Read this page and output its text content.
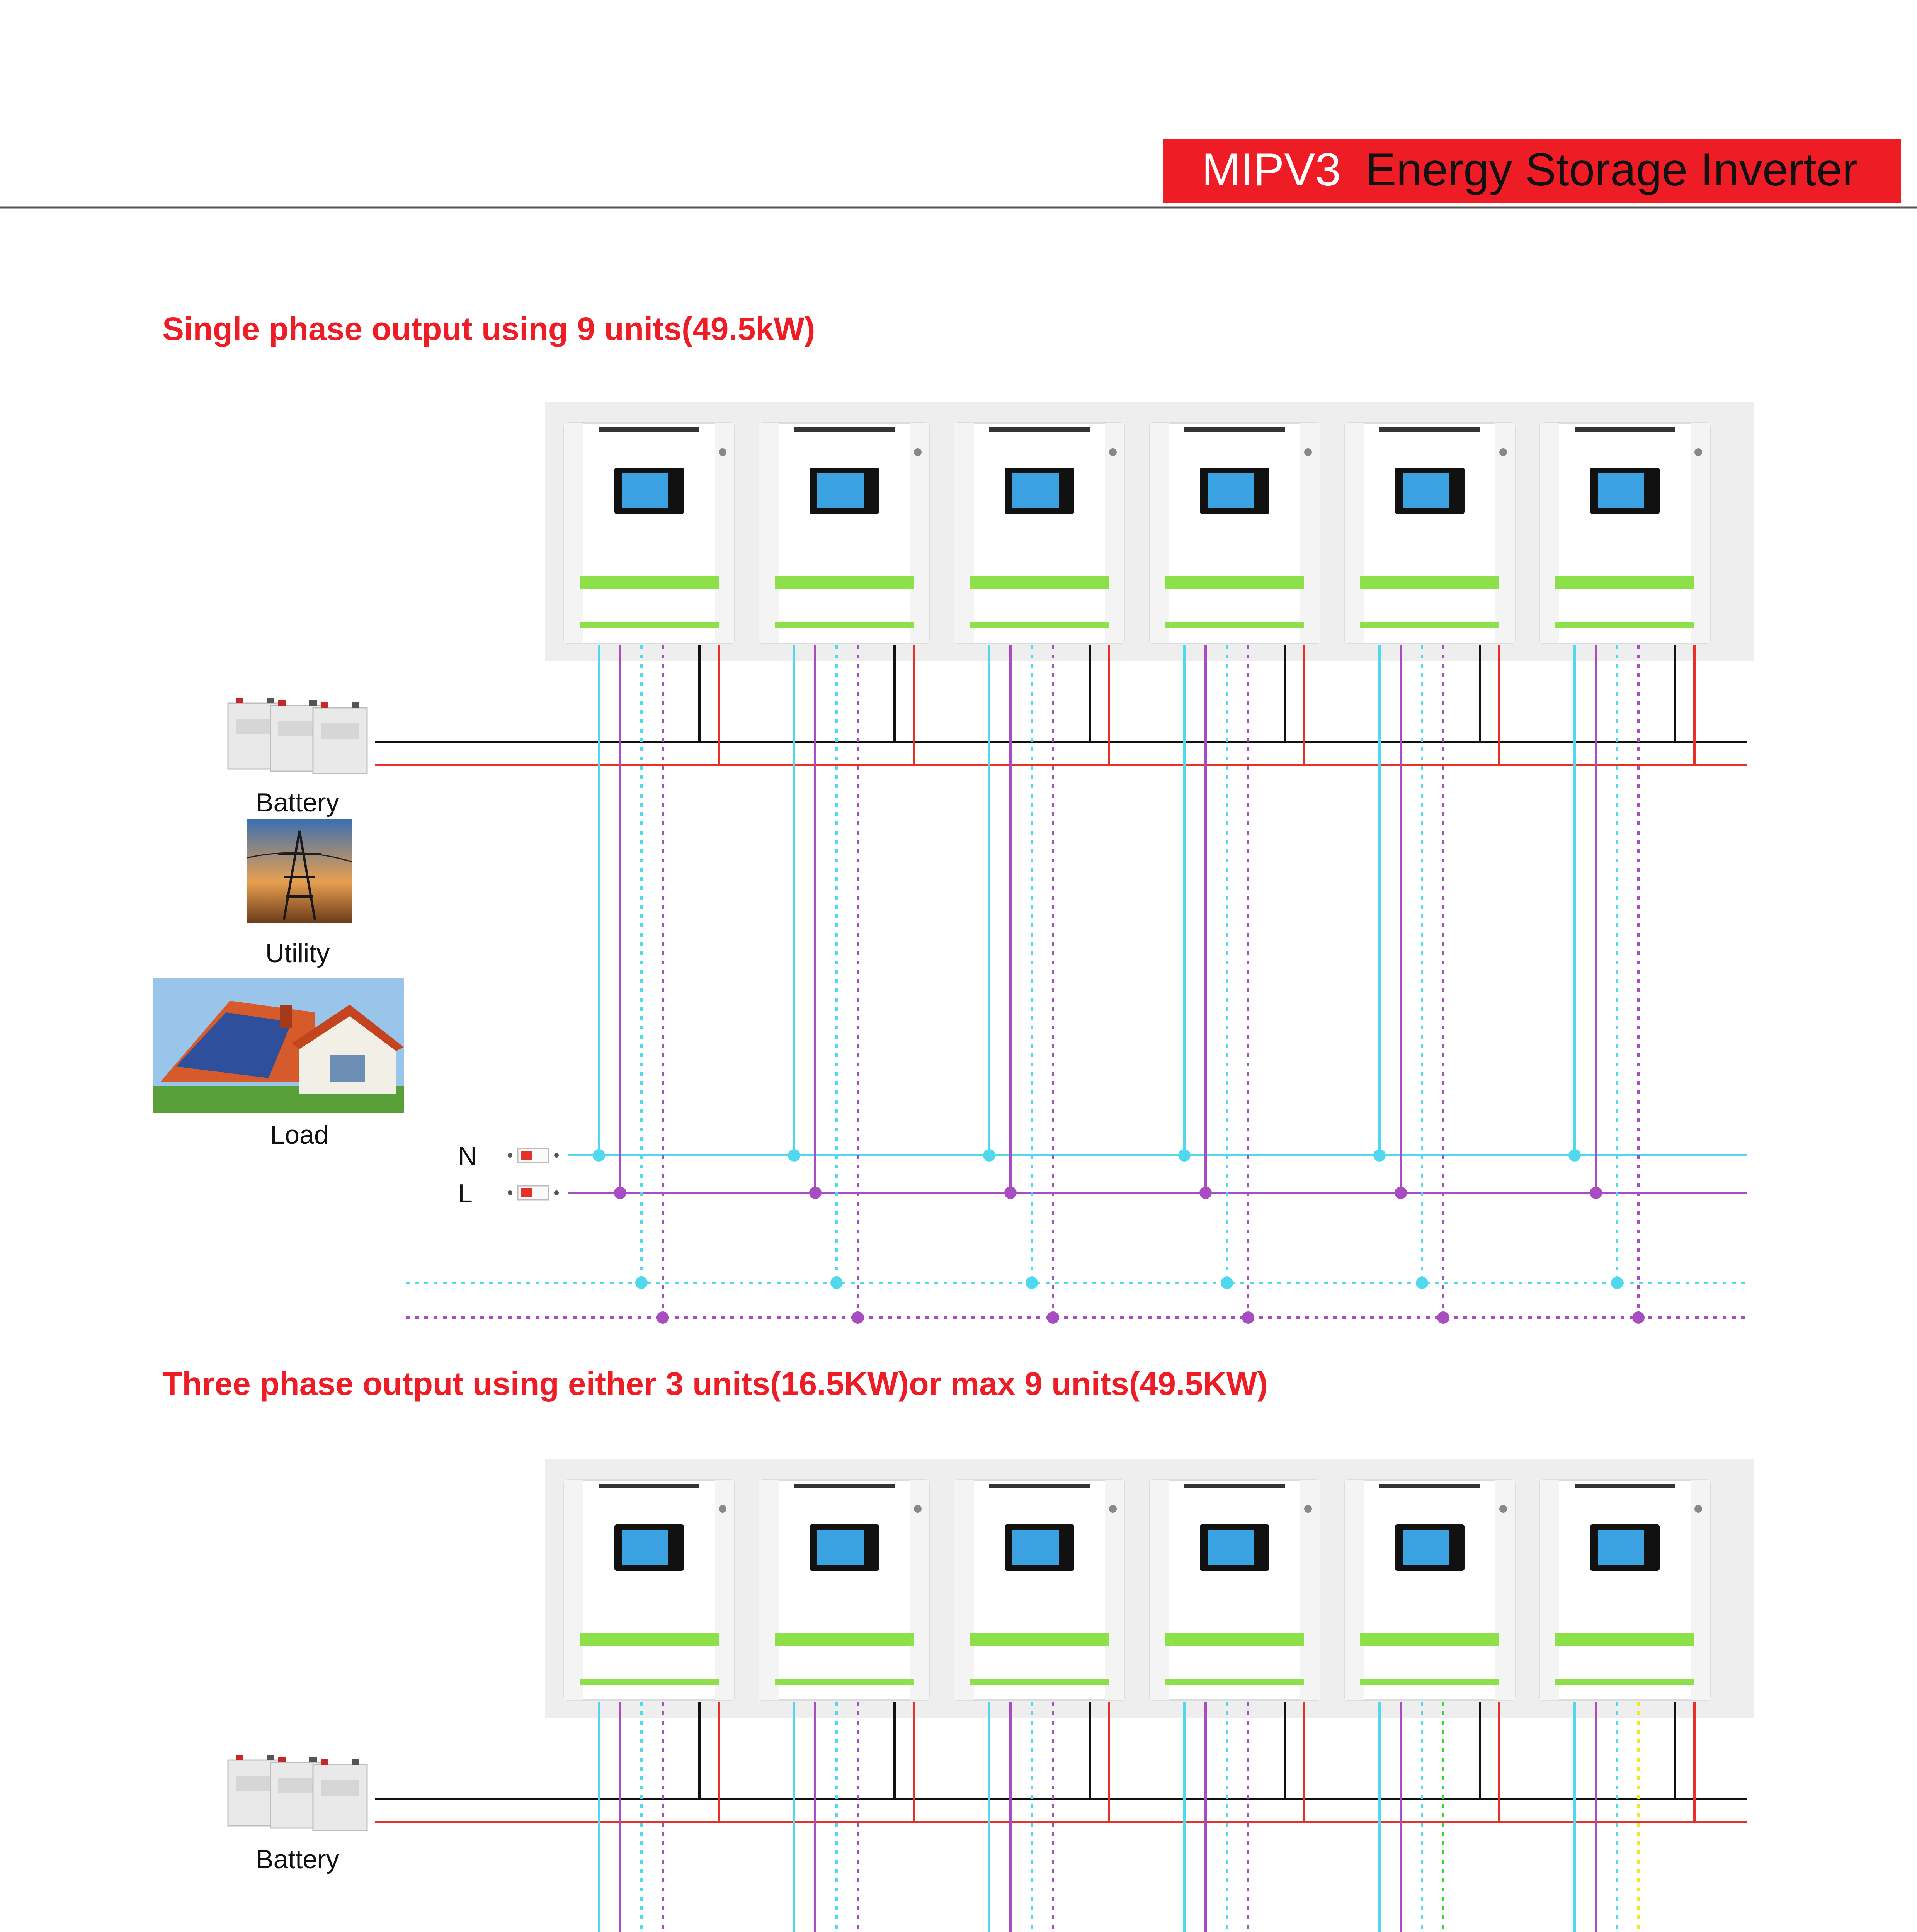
MIPV3 Energy Storage Inverter
Single phase output using 9 units(49.5kW)
Three phase output using either 3 units(16.5KW)or max 9 units(49.5KW)
N
L
Battery
Utility
Load
Battery
